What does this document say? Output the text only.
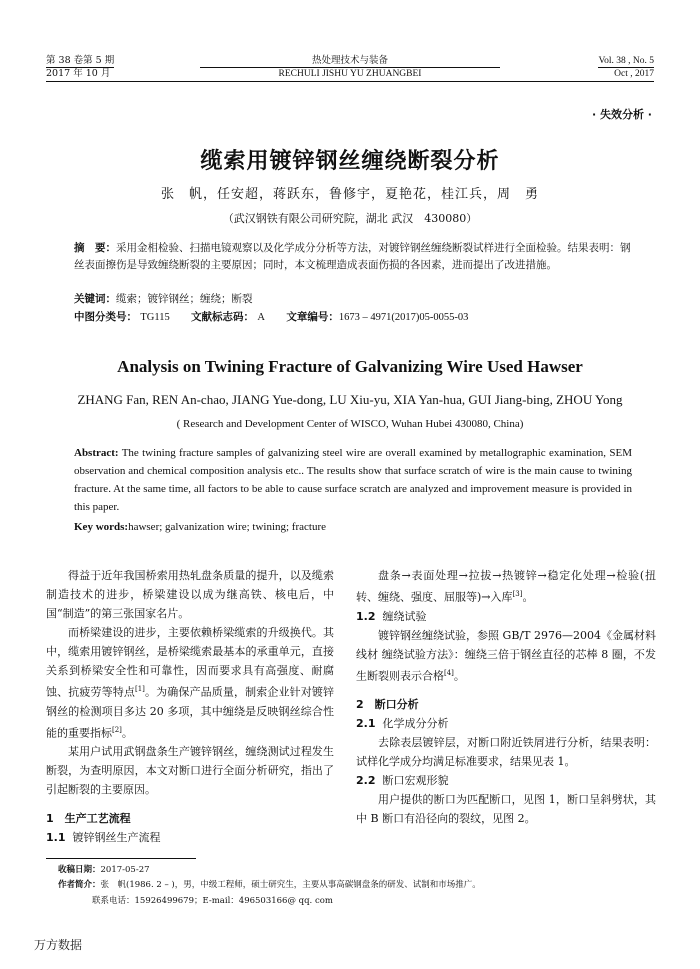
第 38 卷第 5 期
2017 年 10 月
热处理技术与装备
RECHULI JISHU YU ZHUANGBEI
Vol. 38 , No. 5
Oct , 2017
· 失效分析 ·
缆索用镀锌钢丝缠绕断裂分析
张　帆，任安超，蒋跃东，鲁修宇，夏艳花，桂江兵，周　勇
（武汉钢铁有限公司研究院，湖北 武汉　430080）
摘　要：采用金相检验、扫描电镜观察以及化学成分分析等方法，对镀锌钢丝缠绕断裂试样进行全面检验。结果表明：钢丝表面擦伤是导致缠绕断裂的主要原因；同时，本文梳理造成表面伤损的各因素，进而提出了改进措施。
关键词：缆索；镀锌钢丝；缠绕；断裂
中图分类号： TG115 文献标志码： A 文章编号：1673 – 4971(2017)05-0055-03
Analysis on Twining Fracture of Galvanizing Wire Used Hawser
ZHANG Fan, REN An-chao, JIANG Yue-dong, LU Xiu-yu, XIA Yan-hua, GUI Jiang-bing, ZHOU Yong
( Research and Development Center of WISCO, Wuhan Hubei 430080, China)
Abstract: The twining fracture samples of galvanizing steel wire are overall examined by metallographic examination, SEM observation and chemical composition analysis etc.. The results show that surface scratch of wire is the main cause to twining fracture. At the same time, all factors to be able to cause surface scratch are analyzed and improvement measure is provided in this paper.
Key words:hawser; galvanization wire; twining; fracture

得益于近年我国桥索用热轧盘条质量的提升，以及缆索制造技术的进步，桥梁建设以成为继高铁、核电后，中国“制造”的第三张国家名片。

而桥梁建设的进步，主要依赖桥梁缆索的升级换代。其中，缆索用镀锌钢丝，是桥梁缆索最基本的承重单元，直接关系到桥梁安全性和可靠性，因而要求具有高强度、耐腐蚀、抗疲劳等特点[1]。为确保产品质量，制索企业针对镀锌钢丝的检测项目多达 20 多项，其中缠绕是反映钢丝综合性能的重要指标[2]。

某用户试用武钢盘条生产镀锌钢丝，缠绕测试过程发生断裂，为查明原因，本文对断口进行全面分析研究，指出了引起断裂的主要原因。

1　生产工艺流程

1.1 镀锌钢丝生产流程

盘条→表面处理→拉拔→热镀锌→稳定化处理→检验(扭转、缠绕、强度、屈服等)→入库[3]。

1.2 缠绕试验

镀锌钢丝缠绕试验，参照 GB/T 2976—2004《金属材料 线材 缠绕试验方法》：缠绕三倍于钢丝直径的芯棒 8 圈，不发生断裂则表示合格[4]。

2　断口分析

2.1 化学成分分析

去除表层镀锌层，对断口附近铁屑进行分析，结果表明：试样化学成分均满足标准要求，结果见表 1。

2.2 断口宏观形貌

用户提供的断口为匹配断口，见图 1，断口呈斜劈状，其中 B 断口有沿径向的裂纹，见图 2。

收稿日期：2017-05-27
作者简介：张　帆(1986. 2 – )，男，中级工程师，硕士研究生，主要从事高碳钢盘条的研发、试制和市场推广。
联系电话：15926499679；E-mail：496503166@ qq. com
万方数据
